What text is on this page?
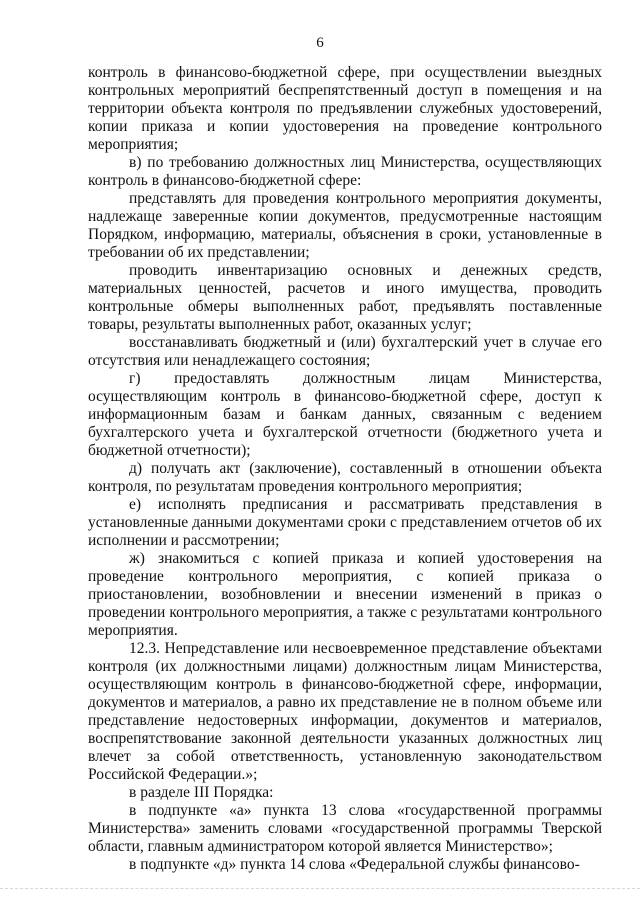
6

контроль в финансово-бюджетной сфере, при осуществлении выездных контрольных мероприятий беспрепятственный доступ в помещения и на территории объекта контроля по предъявлении служебных удостоверений, копии приказа и копии удостоверения на проведение контрольного мероприятия;

в) по требованию должностных лиц Министерства, осуществляющих контроль в финансово-бюджетной сфере:

представлять для проведения контрольного мероприятия документы, надлежаще заверенные копии документов, предусмотренные настоящим Порядком, информацию, материалы, объяснения в сроки, установленные в требовании об их представлении;

проводить инвентаризацию основных и денежных средств, материальных ценностей, расчетов и иного имущества, проводить контрольные обмеры выполненных работ, предъявлять поставленные товары, результаты выполненных работ, оказанных услуг;

восстанавливать бюджетный и (или) бухгалтерский учет в случае его отсутствия или ненадлежащего состояния;

г) предоставлять должностным лицам Министерства, осуществляющим контроль в финансово-бюджетной сфере, доступ к информационным базам и банкам данных, связанным с ведением бухгалтерского учета и бухгалтерской отчетности (бюджетного учета и бюджетной отчетности);

д) получать акт (заключение), составленный в отношении объекта контроля, по результатам проведения контрольного мероприятия;

е) исполнять предписания и рассматривать представления в установленные данными документами сроки с представлением отчетов об их исполнении и рассмотрении;

ж) знакомиться с копией приказа и копией удостоверения на проведение контрольного мероприятия, с копией приказа о приостановлении, возобновлении и внесении изменений в приказ о проведении контрольного мероприятия, а также с результатами контрольного мероприятия.

12.3. Непредставление или несвоевременное представление объектами контроля (их должностными лицами) должностным лицам Министерства, осуществляющим контроль в финансово-бюджетной сфере, информации, документов и материалов, а равно их представление не в полном объеме или представление недостоверных информации, документов и материалов, воспрепятствование законной деятельности указанных должностных лиц влечет за собой ответственность, установленную законодательством Российской Федерации.»;

в разделе III Порядка:

в подпункте «а» пункта 13 слова «государственной программы Министерства» заменить словами «государственной программы Тверской области, главным администратором которой является Министерство»;

в подпункте «д» пункта 14 слова «Федеральной службы финансово-
